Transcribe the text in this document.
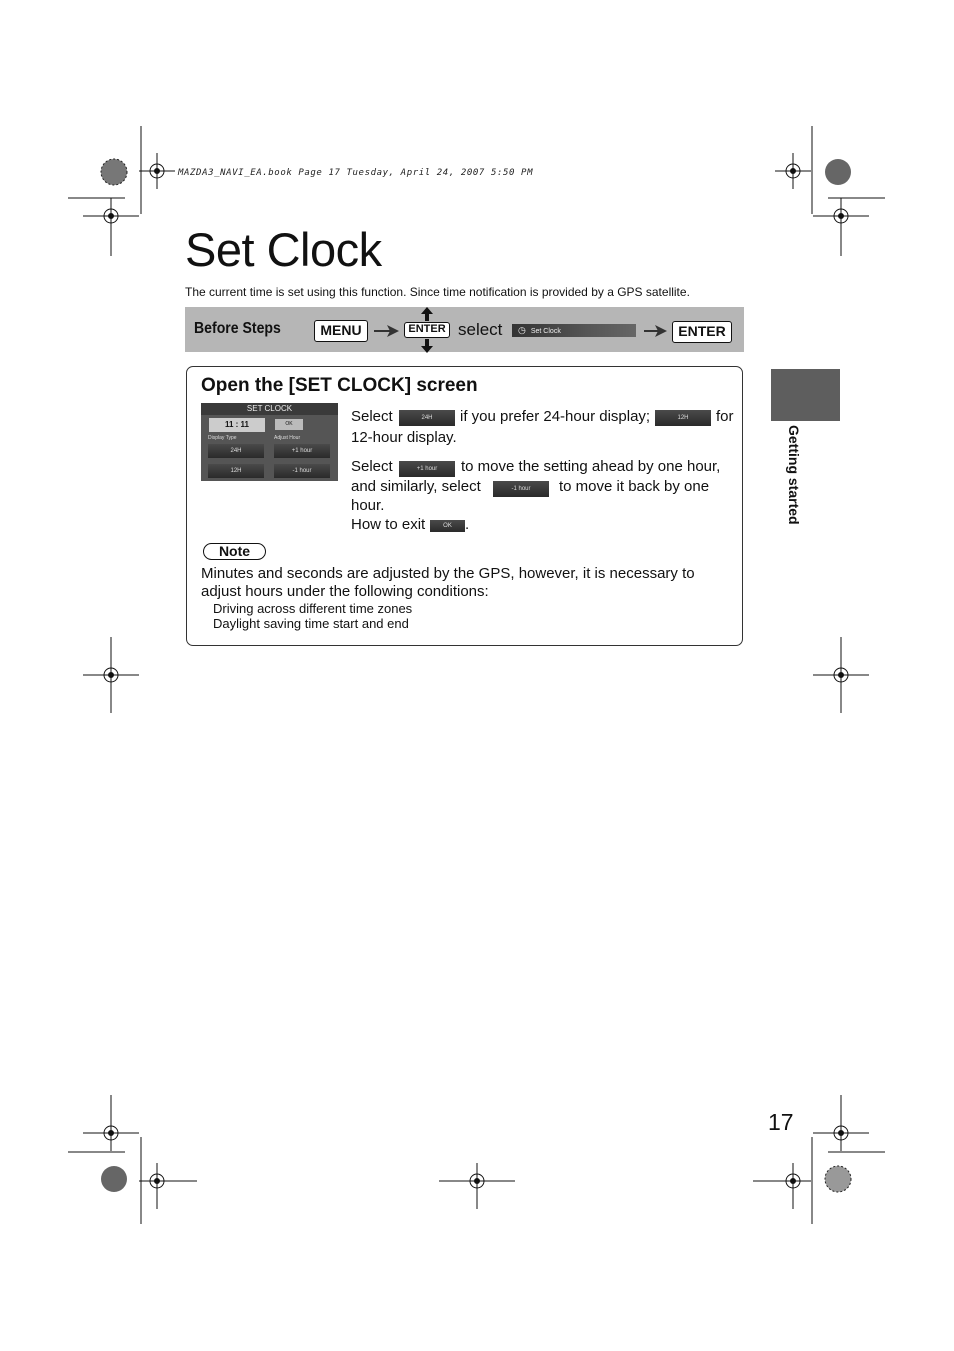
MAZDA3_NAVI_EA.book Page 17 Tuesday, April 24, 2007 5:50 PM
Set Clock
The current time is set using this function. Since time notification is provided by a GPS satellite.
Before Steps	MENU	ENTER select	◷ Set Clock	ENTER
Open the [SET CLOCK] screen
SET CLOCK
11 : 11	OK
Display Type	Adjust Hour
24H	+1 hour
12H	-1 hour
Select	24H	if you prefer 24-hour display;	12H	for
12-hour display.
Select	+1 hour	to move the setting ahead by one hour,
and similarly, select	-1 hour	to move it back by one
hour.
How to exit	OK .
Note
Minutes and seconds are adjusted by the GPS, however, it is necessary to
adjust hours under the following conditions:
Driving across different time zones
Daylight saving time start and end
Getting started
17
